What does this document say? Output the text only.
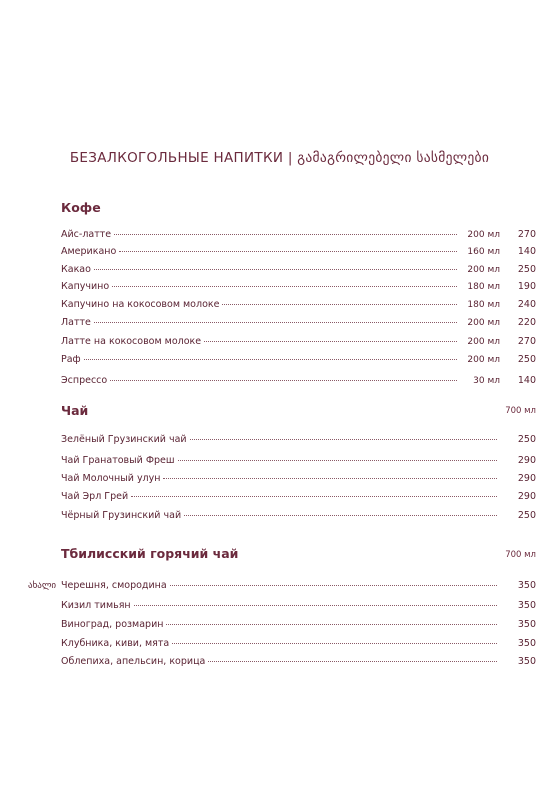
БЕЗАЛКОГОЛЬНЫЕ НАПИТКИ | გამაგრილებელი სასმელები
Кофе
Айс-латте	200 мл	270
Американо	160 мл	140
Какао	200 мл	250
Капучино	180 мл	190
Капучино на кокосовом молоке	180 мл	240
Латте	200 мл	220
Латте на кокосовом молоке	200 мл	270
Раф	200 мл	250
Эспрессо	30 мл	140
Чай	700 мл
Зелёный Грузинский чай	250
Чай Гранатовый Фреш	290
Чай Молочный улун	290
Чай Эрл Грей	290
Чёрный Грузинский чай	250
Тбилисский горячий чай	700 мл
ახალი Черешня, смородина	350
Кизил тимьян	350
Виноград, розмарин	350
Клубника, киви, мята	350
Облепиха, апельсин, корица	350
